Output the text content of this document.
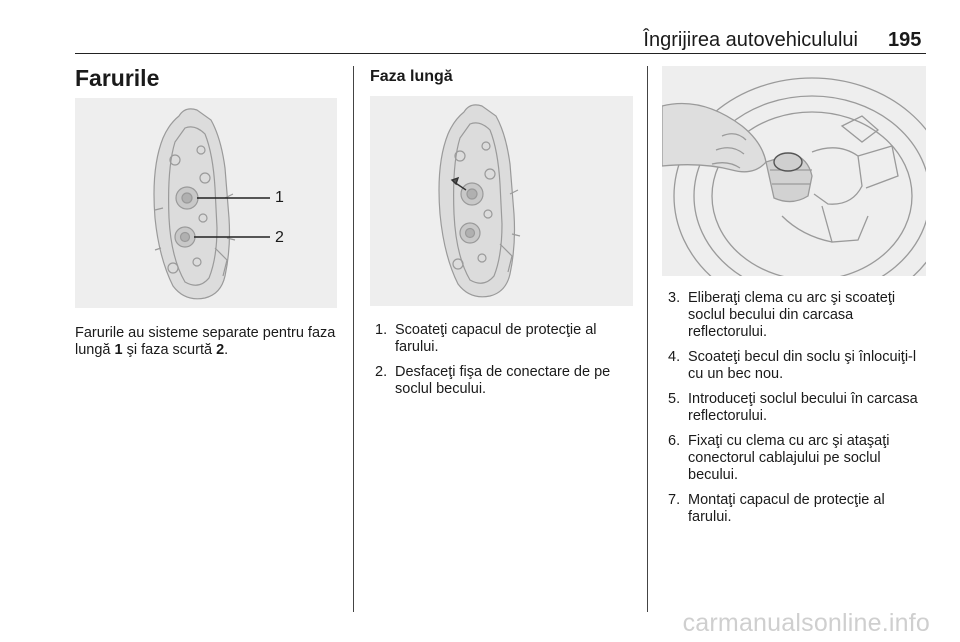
Îngrijirea autovehiculului 195
Farurile
1
2

Farurile au sisteme separate pentru faza lungă 1 şi faza scurtă 2.

Faza lungă
1. Scoateţi capacul de protecţie al farului.
2. Desfaceţi fişa de conectare de pe soclul becului.
3. Eliberaţi clema cu arc şi scoateţi soclul becului din carcasa reflectorului.
4. Scoateţi becul din soclu şi înlocuiţi-l cu un bec nou.
5. Introduceţi soclul becului în carcasa reflectorului.
6. Fixaţi cu clema cu arc şi ataşaţi conectorul cablajului pe soclul becului.
7. Montaţi capacul de protecţie al farului.
carmanualsonline.info
